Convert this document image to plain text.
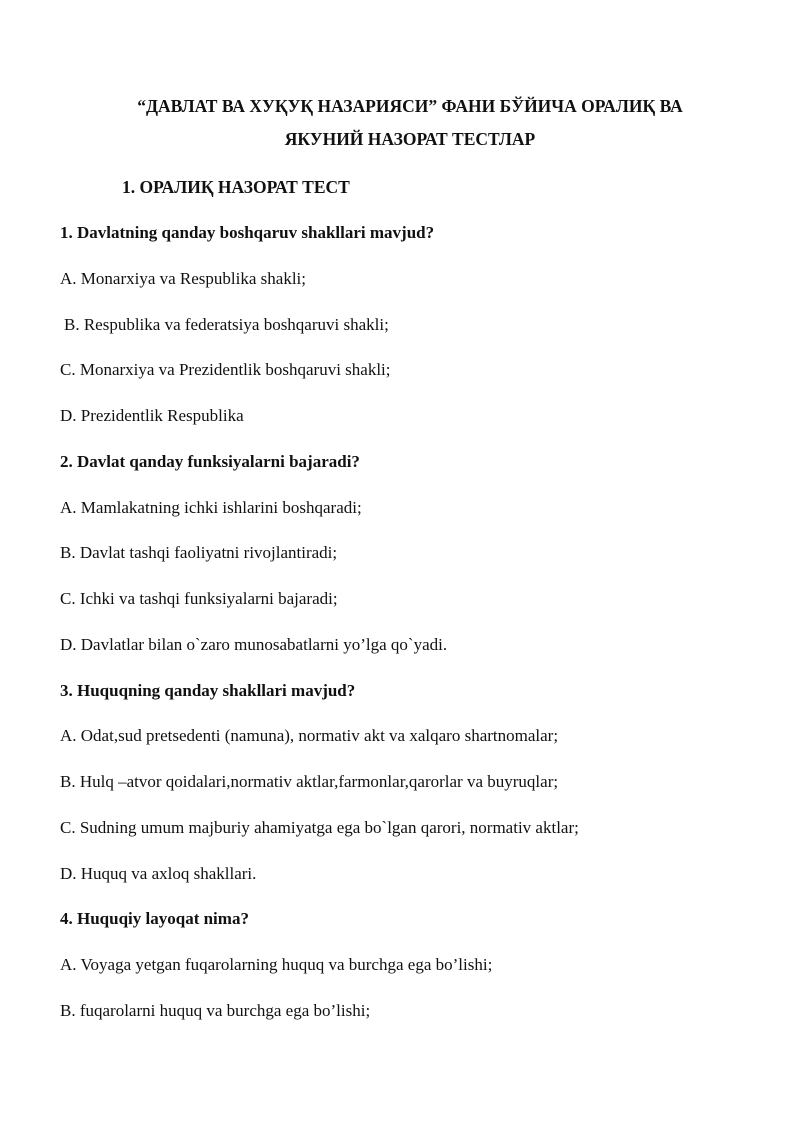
“ДАВЛАТ ВА ХУҚУҚ НАЗАРИЯСИ” ФАНИ БЎЙИЧА ОРАЛИҚ ВА
ЯКУНИЙ НАЗОРАТ ТЕСТЛАР
1. ОРАЛИҚ НАЗОРАТ ТЕСТ
1. Davlatning qanday boshqaruv shakllari mavjud?
A. Monarxiya va Respublika shakli;
B. Respublika va federatsiya boshqaruvi shakli;
C. Monarxiya va Prezidentlik boshqaruvi shakli;
D. Prezidentlik Respublika
2. Davlat qanday funksiyalarni bajaradi?
A. Mamlakatning ichki ishlarini boshqaradi;
B. Davlat tashqi faoliyatni rivojlantiradi;
C. Ichki va tashqi funksiyalarni bajaradi;
D. Davlatlar bilan o`zaro munosabatlarni yo’lga qo`yadi.
3. Huquqning qanday shakllari mavjud?
A. Odat,sud pretsedenti (namuna), normativ akt va xalqaro shartnomalar;
B. Hulq –atvor qoidalari,normativ aktlar,farmonlar,qarorlar va buyruqlar;
C. Sudning umum majburiy ahamiyatga ega bo`lgan qarori, normativ aktlar;
D. Huquq va axloq shakllari.
4. Huquqiy layoqat nima?
A. Voyaga yetgan fuqarolarning huquq va burchga ega bo’lishi;
B. fuqarolarni huquq va burchga ega bo’lishi;
